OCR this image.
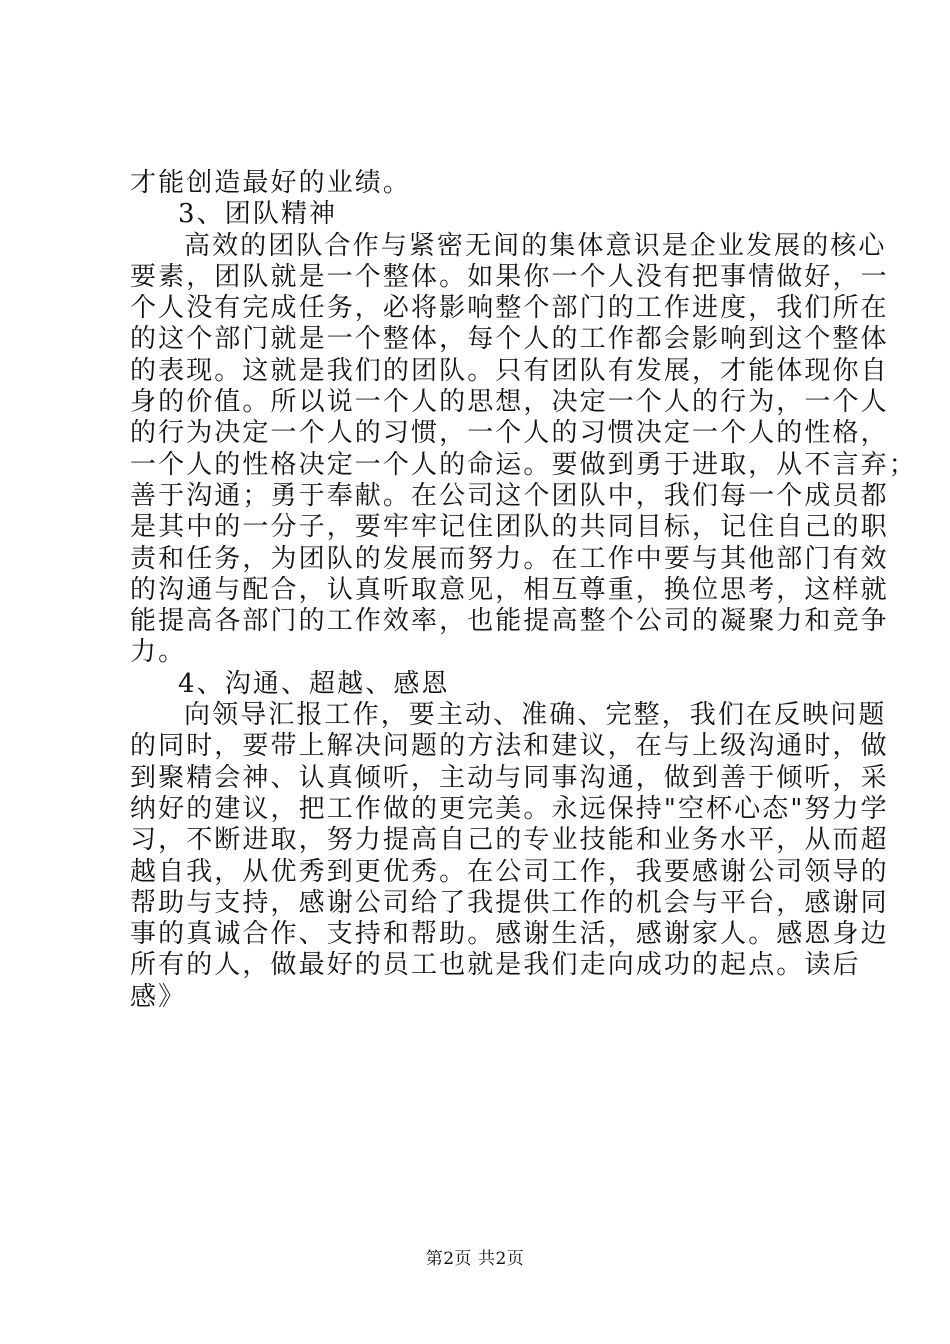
才能创造最好的业绩。
3、团队精神
高效的团队合作与紧密无间的集体意识是企业发展的核心
要素，团队就是一个整体。如果你一个人没有把事情做好，一
个人没有完成任务，必将影响整个部门的工作进度，我们所在
的这个部门就是一个整体，每个人的工作都会影响到这个整体
的表现。这就是我们的团队。只有团队有发展，才能体现你自
身的价值。所以说一个人的思想，决定一个人的行为，一个人
的行为决定一个人的习惯，一个人的习惯决定一个人的性格，
一个人的性格决定一个人的命运。要做到勇于进取，从不言弃；
善于沟通；勇于奉献。在公司这个团队中，我们每一个成员都
是其中的一分子，要牢牢记住团队的共同目标，记住自己的职
责和任务，为团队的发展而努力。在工作中要与其他部门有效
的沟通与配合，认真听取意见，相互尊重，换位思考，这样就
能提高各部门的工作效率，也能提高整个公司的凝聚力和竞争
力。
4、沟通、超越、感恩
向领导汇报工作，要主动、准确、完整，我们在反映问题
的同时，要带上解决问题的方法和建议，在与上级沟通时，做
到聚精会神、认真倾听，主动与同事沟通，做到善于倾听，采
纳好的建议，把工作做的更完美。永远保持"空杯心态"努力学
习，不断进取，努力提高自己的专业技能和业务水平，从而超
越自我，从优秀到更优秀。在公司工作，我要感谢公司领导的
帮助与支持，感谢公司给了我提供工作的机会与平台，感谢同
事的真诚合作、支持和帮助。感谢生活，感谢家人。感恩身边
所有的人，做最好的员工也就是我们走向成功的起点。读后
感》
第2页 共2页
